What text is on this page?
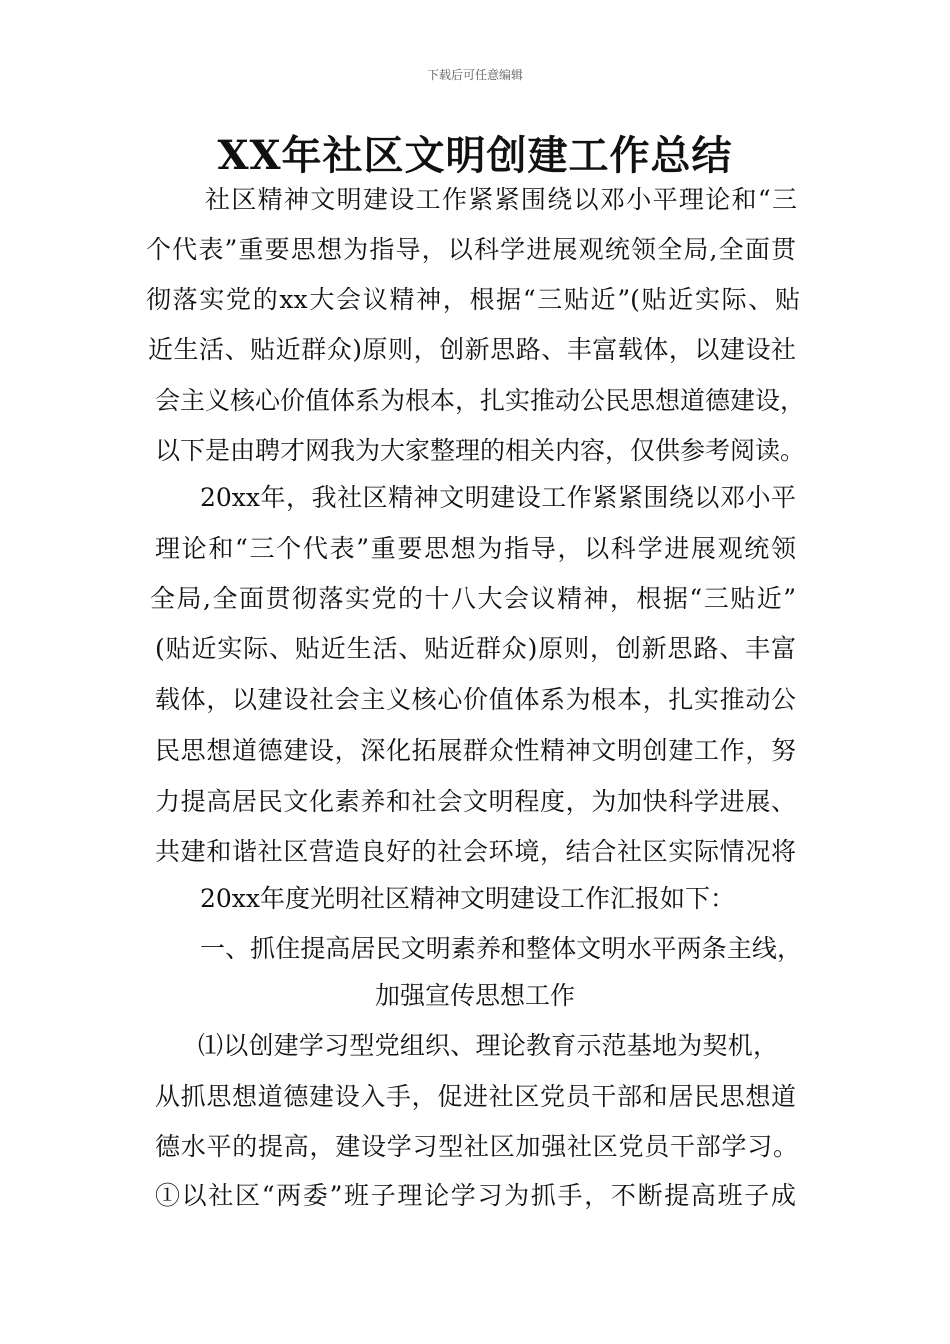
下载后可任意编辑
XX年社区文明创建工作总结
社区精神文明建设工作紧紧围绕以邓小平理论和“三
个代表”重要思想为指导，以科学进展观统领全局,全面贯
彻落实党的xx大会议精神，根据“三贴近”(贴近实际、贴
近生活、贴近群众)原则，创新思路、丰富载体，以建设社
会主义核心价值体系为根本，扎实推动公民思想道德建设，
以下是由聘才网我为大家整理的相关内容，仅供参考阅读。
20xx年，我社区精神文明建设工作紧紧围绕以邓小平
理论和“三个代表”重要思想为指导，以科学进展观统领
全局,全面贯彻落实党的十八大会议精神，根据“三贴近”
(贴近实际、贴近生活、贴近群众)原则，创新思路、丰富
载体，以建设社会主义核心价值体系为根本，扎实推动公
民思想道德建设，深化拓展群众性精神文明创建工作，努
力提高居民文化素养和社会文明程度，为加快科学进展、
共建和谐社区营造良好的社会环境，结合社区实际情况将
20xx年度光明社区精神文明建设工作汇报如下：
一、抓住提高居民文明素养和整体文明水平两条主线，
加强宣传思想工作
⑴以创建学习型党组织、理论教育示范基地为契机，
从抓思想道德建设入手，促进社区党员干部和居民思想道
德水平的提高，建设学习型社区加强社区党员干部学习。
①以社区“两委”班子理论学习为抓手，不断提高班子成
